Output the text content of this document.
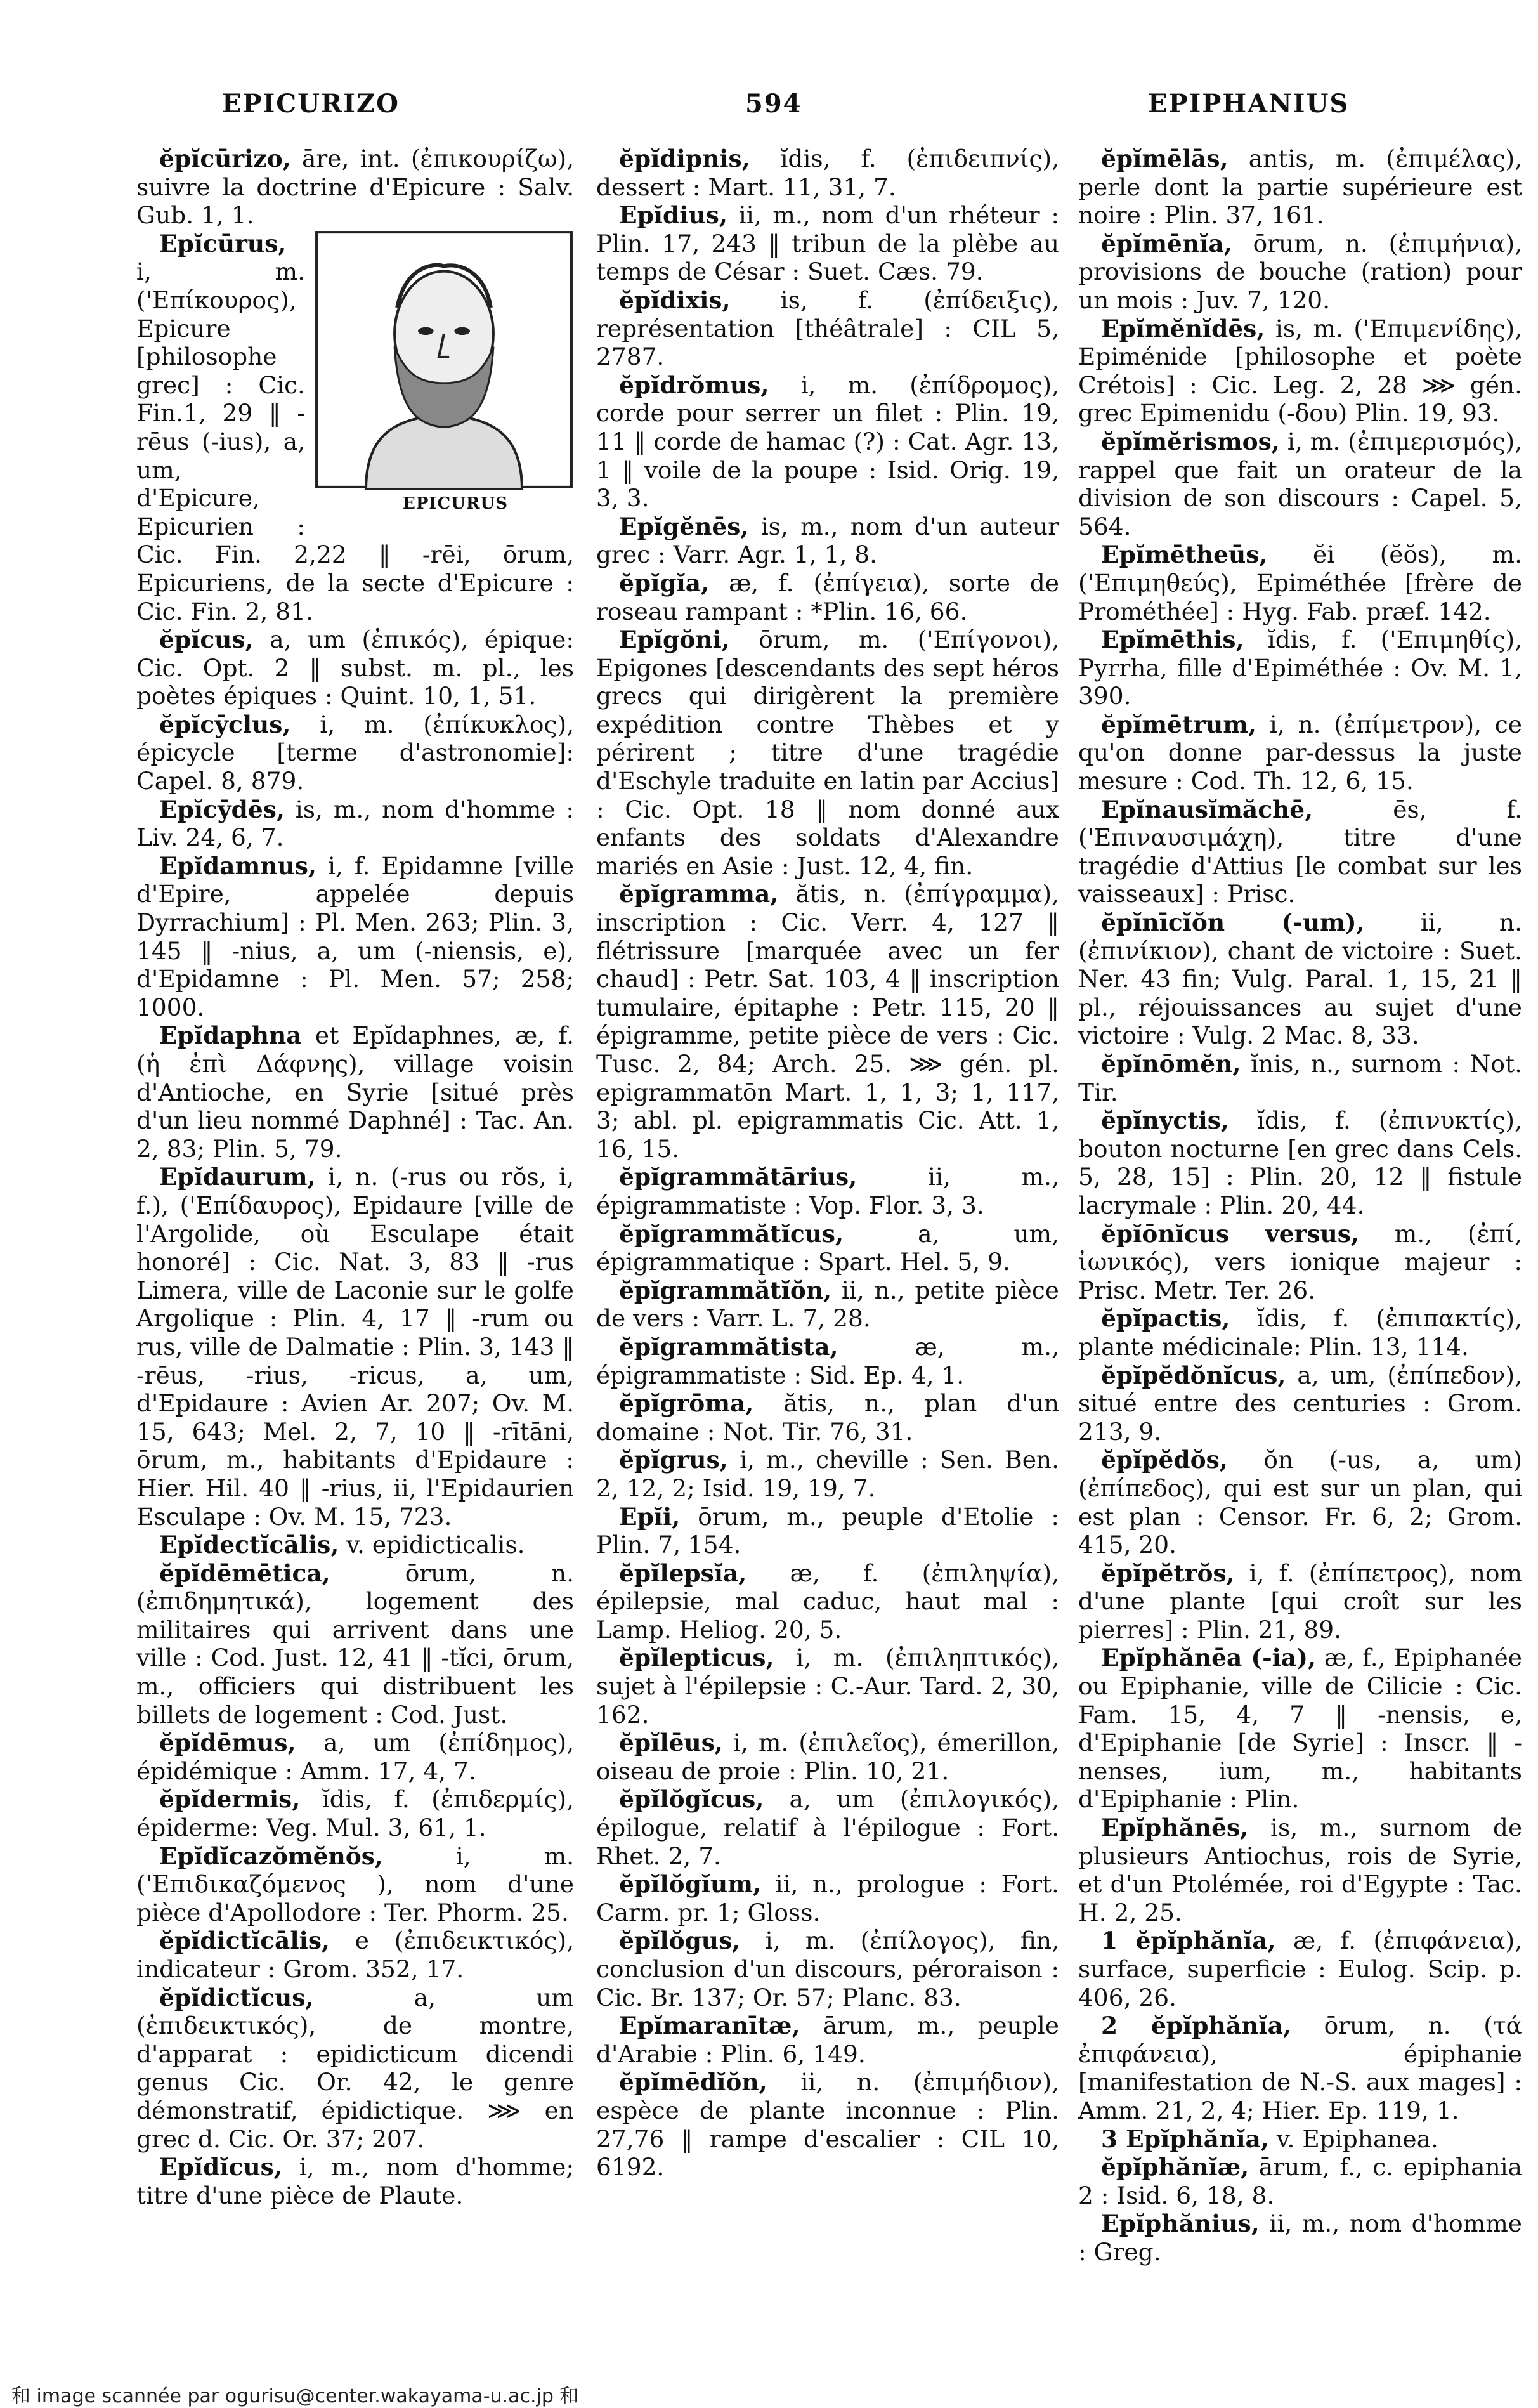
EPICURIZO	594	EPIPHANIUS

ĕpĭcūrizo, āre, int. (ἐπικουρίζω), suivre la doctrine d'Epicure : Salv. Gub. 1, 1.

EPICURUS
Epĭcūrus, i, m. ('Επίκουρος), Epicure [philosophe grec] : Cic. Fin.1, 29 ‖ -rēus (-ius), a, um, d'Epicure, Epicurien : Cic. Fin. 2,22 ‖ -rēi, ōrum, Epicuriens, de la secte d'Epicure : Cic. Fin. 2, 81.

ĕpĭcus, a, um (ἐπικός), épique: Cic. Opt. 2 ‖ subst. m. pl., les poètes épiques : Quint. 10, 1, 51.

ĕpĭcȳclus, i, m. (ἐπίκυκλος), épicycle [terme d'astronomie]: Capel. 8, 879.

Epĭcȳdēs, is, m., nom d'homme : Liv. 24, 6, 7.

Epĭdamnus, i, f. Epidamne [ville d'Epire, appelée depuis Dyrrachium] : Pl. Men. 263; Plin. 3, 145 ‖ -nius, a, um (-niensis, e), d'Epidamne : Pl. Men. 57; 258; 1000.

Epĭdaphna et Epĭdaphnes, æ, f. (ἡ ἐπὶ Δάφνης), village voisin d'Antioche, en Syrie [situé près d'un lieu nommé Daphné] : Tac. An. 2, 83; Plin. 5, 79.

Epĭdaurum, i, n. (-rus ou rŏs, i, f.), ('Επίδαυρος), Epidaure [ville de l'Argolide, où Esculape était honoré] : Cic. Nat. 3, 83 ‖ -rus Limera, ville de Laconie sur le golfe Argolique : Plin. 4, 17 ‖ -rum ou rus, ville de Dalmatie : Plin. 3, 143 ‖ -rēus, -rius, -ricus, a, um, d'Epidaure : Avien Ar. 207; Ov. M. 15, 643; Mel. 2, 7, 10 ‖ -rītāni, ōrum, m., habitants d'Epidaure : Hier. Hil. 40 ‖ -rius, ii, l'Epidaurien Esculape : Ov. M. 15, 723.

Epĭdectĭcālis, v. epidicticalis.

ĕpĭdēmētica,	ōrum, n. (ἐπιδημητικά), logement des militaires qui arrivent dans une ville : Cod. Just. 12, 41 ‖ -tĭci, ōrum, m., officiers qui distribuent les billets de logement : Cod. Just.

ĕpĭdēmus, a, um (ἐπίδημος), épidémique : Amm. 17, 4, 7.

ĕpĭdermis, ĭdis, f. (ἐπιδερμίς), épiderme: Veg. Mul. 3, 61, 1.

Epĭdĭcazŏmĕnŏs,	i, m.('Επιδικαζόμενος ), nom d'une pièce d'Apollodore : Ter. Phorm. 25.

ĕpĭdictĭcālis, e (ἐπιδεικτικός), indicateur : Grom. 352, 17.

ĕpĭdictĭcus,	a, um (ἐπιδεικτικός), de montre, d'apparat : epidicticum dicendi genus Cic. Or. 42, le genre démonstratif, épidictique. ⋙ en grec d. Cic. Or. 37; 207.

Epĭdĭcus, i, m., nom d'homme; titre d'une pièce de Plaute.

ĕpĭdipnis, ĭdis, f. (ἐπιδειπνίς), dessert : Mart. 11, 31, 7.

Epĭdius, ii, m., nom d'un rhéteur : Plin. 17, 243 ‖ tribun de la plèbe au temps de César : Suet. Cæs. 79.

ĕpĭdixis, is, f. (ἐπίδειξις), représentation [théâtrale] : CIL 5, 2787.

ĕpĭdrŏmus, i, m. (ἐπίδρομος), corde pour serrer un filet : Plin. 19, 11 ‖ corde de hamac (?) : Cat. Agr. 13, 1 ‖ voile de la poupe : Isid. Orig. 19, 3, 3.

Epĭgĕnēs, is, m., nom d'un auteur grec : Varr. Agr. 1, 1, 8.

ĕpĭgĭa, æ, f. (ἐπίγεια), sorte de roseau rampant : *Plin. 16, 66.

Epĭgŏni, ōrum, m. ('Επίγονοι), Epigones [descendants des sept héros grecs qui dirigèrent la première expédition contre Thèbes et y périrent ; titre d'une tragédie d'Eschyle traduite en latin par Accius] : Cic. Opt. 18 ‖ nom donné aux enfants des soldats d'Alexandre mariés en Asie : Just. 12, 4, fin.

ĕpĭgramma, ătis, n. (ἐπίγραμμα), inscription : Cic. Verr. 4, 127 ‖ flétrissure [marquée avec un fer chaud] : Petr. Sat. 103, 4 ‖ inscription tumulaire, épitaphe : Petr. 115, 20 ‖ épigramme, petite pièce de vers : Cic. Tusc. 2, 84; Arch. 25. ⋙ gén. pl. epigrammatōn Mart. 1, 1, 3; 1, 117, 3; abl. pl. epigrammatis Cic. Att. 1, 16, 15.

ĕpĭgrammătārius,	ii, m., épigrammatiste : Vop. Flor. 3, 3.

ĕpĭgrammătĭcus,	a, um, épigrammatique : Spart. Hel. 5, 9.

ĕpĭgrammătĭŏn, ii, n., petite pièce de vers : Varr. L. 7, 28.

ĕpĭgrammătista,	æ, m., épigrammatiste : Sid. Ep. 4, 1.

ĕpĭgrōma, ătis, n., plan d'un domaine : Not. Tir. 76, 31.

ĕpĭgrus, i, m., cheville : Sen. Ben. 2, 12, 2; Isid. 19, 19, 7.

Epĭi, ōrum, m., peuple d'Etolie : Plin. 7, 154.

ĕpĭlepsĭa, æ, f. (ἐπιληψία), épilepsie, mal caduc, haut mal : Lamp. Heliog. 20, 5.

ĕpĭlepticus, i, m. (ἐπιληπτικός), sujet à l'épilepsie : C.-Aur. Tard. 2, 30, 162.

ĕpĭlēus, i, m. (ἐπιλεῖος), émerillon, oiseau de proie : Plin. 10, 21.

ĕpĭlŏgĭcus, a, um (ἐπιλογικός), épilogue, relatif à l'épilogue : Fort. Rhet. 2, 7.

ĕpĭlŏgĭum, ii, n., prologue : Fort. Carm. pr. 1; Gloss.

ĕpĭlŏgus, i, m. (ἐπίλογος), fin, conclusion d'un discours, péroraison : Cic. Br. 137; Or. 57; Planc. 83.

Epĭmaranītæ, ārum, m., peuple d'Arabie : Plin. 6, 149.

ĕpĭmēdĭŏn, ii, n. (ἐπιμήδιον), espèce de plante inconnue : Plin. 27,76 ‖ rampe d'escalier : CIL 10, 6192.

ĕpĭmēlās, antis, m. (ἐπιμέλας), perle dont la partie supérieure est noire : Plin. 37, 161.

ĕpĭmēnĭa, ōrum, n. (ἐπιμήνια), provisions de bouche (ration) pour un mois : Juv. 7, 120.

Epĭmĕnĭdēs, is, m. ('Επιμενίδης), Epiménide [philosophe et poète Crétois] : Cic. Leg. 2, 28 ⋙ gén. grec Epimenidu (-δου) Plin. 19, 93.

ĕpĭmĕrismos, i, m. (ἐπιμερισμός), rappel que fait un orateur de la division de son discours : Capel. 5, 564.

Epĭmētheūs, ĕi (ĕŏs), m. ('Επιμηθεύς), Epiméthée [frère de Prométhée] : Hyg. Fab. præf. 142.

Epĭmēthis, ĭdis, f. ('Επιμηθίς), Pyrrha, fille d'Epiméthée : Ov. M. 1, 390.

ĕpĭmētrum, i, n. (ἐπίμετρον), ce qu'on donne par-dessus la juste mesure : Cod. Th. 12, 6, 15.

Epĭnausĭmăchē,	ēs, f. ('Επιναυσιμάχη), titre d'une tragédie d'Attius [le combat sur les vaisseaux] : Prisc.

ĕpĭnīcĭŏn (-um), ii, n. (ἐπινίκιον), chant de victoire : Suet. Ner. 43 fin; Vulg. Paral. 1, 15, 21 ‖ pl., réjouissances au sujet d'une victoire : Vulg. 2 Mac. 8, 33.

ĕpĭnōmĕn, ĭnis, n., surnom : Not. Tir.

ĕpĭnyctis, ĭdis, f. (ἐπινυκτίς), bouton nocturne [en grec dans Cels. 5, 28, 15] : Plin. 20, 12 ‖ fistule lacrymale : Plin. 20, 44.

ĕpĭōnĭcus versus, m., (ἐπί, ἰωνικός), vers ionique majeur : Prisc. Metr. Ter. 26.

ĕpĭpactis, ĭdis, f. (ἐπιπακτίς), plante médicinale: Plin. 13, 114.

ĕpĭpĕdŏnĭcus, a, um, (ἐπίπεδον), situé entre des centuries : Grom. 213, 9.

ĕpĭpĕdŏs, ŏn (-us, a, um) (ἐπίπεδος), qui est sur un plan, qui est plan : Censor. Fr. 6, 2; Grom. 415, 20.

ĕpĭpĕtrŏs, i, f. (ἐπίπετρος), nom d'une plante [qui croît sur les pierres] : Plin. 21, 89.

Epĭphănēa (-ia), æ, f., Epiphanée ou Epiphanie, ville de Cilicie : Cic. Fam. 15, 4, 7 ‖ -nensis, e, d'Epiphanie [de Syrie] : Inscr. ‖ -nenses, ium, m., habitants d'Epiphanie : Plin.

Epĭphănēs, is, m., surnom de plusieurs Antiochus, rois de Syrie, et d'un Ptolémée, roi d'Egypte : Tac. H. 2, 25.

1 ĕpĭphănĭa, æ, f. (ἐπιφάνεια), surface, superficie : Eulog. Scip. p. 406, 26.

2 ĕpĭphănĭa, ōrum, n. (τά ἐπιφάνεια), épiphanie [manifestation de N.-S. aux mages] : Amm. 21, 2, 4; Hier. Ep. 119, 1.

3 Epĭphănĭa, v. Epiphanea.

ĕpĭphănĭæ, ārum, f., c. epiphania 2 : Isid. 6, 18, 8.

Epĭphănius, ii, m., nom d'homme : Greg.

和 image scannée par ogurisu@center.wakayama-u.ac.jp 和
